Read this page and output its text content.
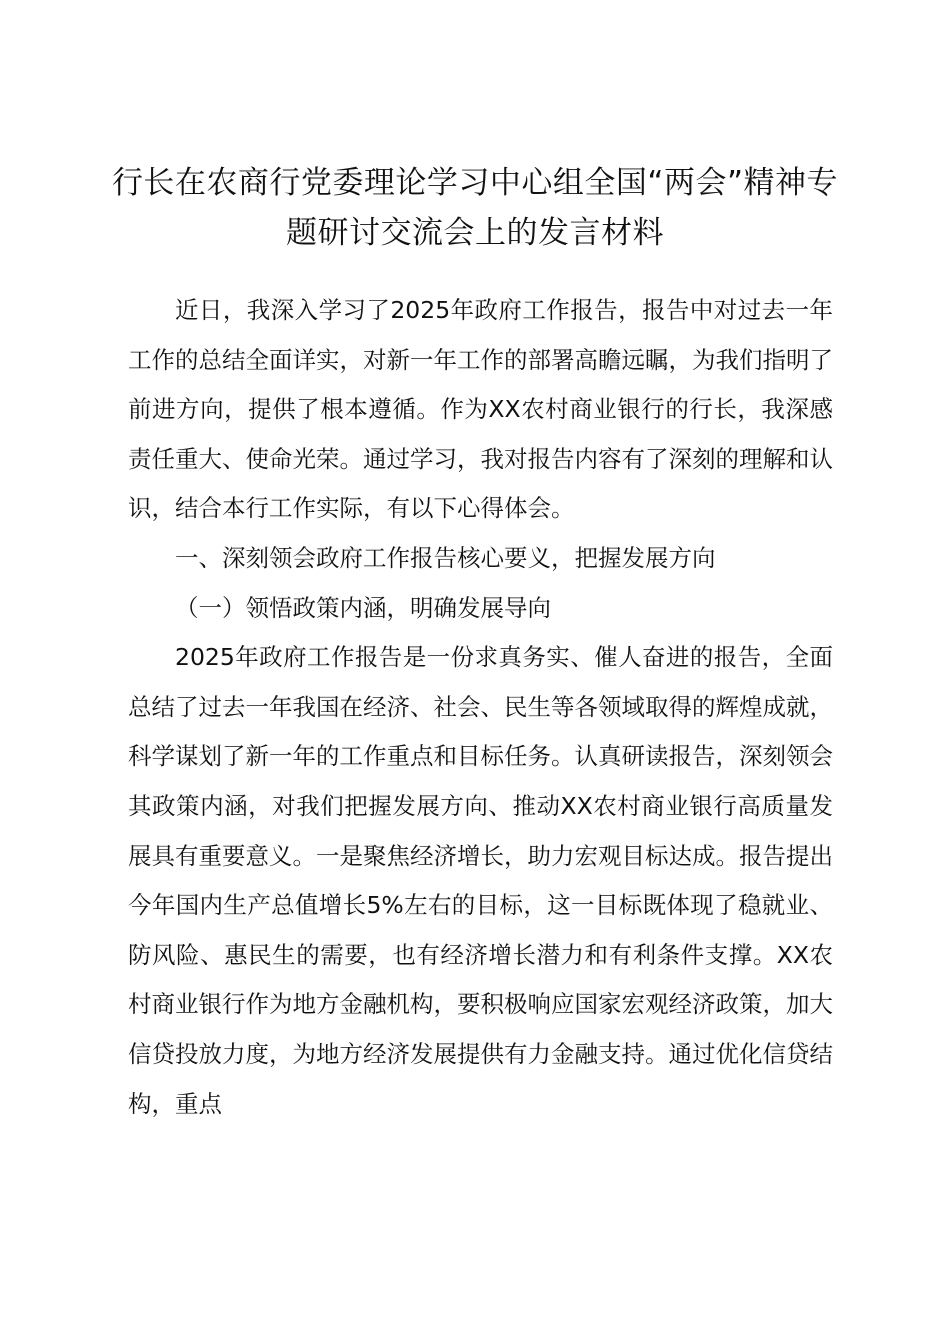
行长在农商行党委理论学习中心组全国“两会”精神专题研讨交流会上的发言材料

近日，我深入学习了2025年政府工作报告，报告中对过去一年工作的总结全面详实，对新一年工作的部署高瞻远瞩，为我们指明了前进方向，提供了根本遵循。作为XX农村商业银行的行长，我深感责任重大、使命光荣。通过学习，我对报告内容有了深刻的理解和认识，结合本行工作实际，有以下心得体会。

一、深刻领会政府工作报告核心要义，把握发展方向

（一）领悟政策内涵，明确发展导向

2025年政府工作报告是一份求真务实、催人奋进的报告，全面总结了过去一年我国在经济、社会、民生等各领域取得的辉煌成就，科学谋划了新一年的工作重点和目标任务。认真研读报告，深刻领会其政策内涵，对我们把握发展方向、推动XX农村商业银行高质量发展具有重要意义。一是聚焦经济增长，助力宏观目标达成。报告提出今年国内生产总值增长5%左右的目标，这一目标既体现了稳就业、防风险、惠民生的需要，也有经济增长潜力和有利条件支撑。XX农村商业银行作为地方金融机构，要积极响应国家宏观经济政策，加大信贷投放力度，为地方经济发展提供有力金融支持。通过优化信贷结构，重点
